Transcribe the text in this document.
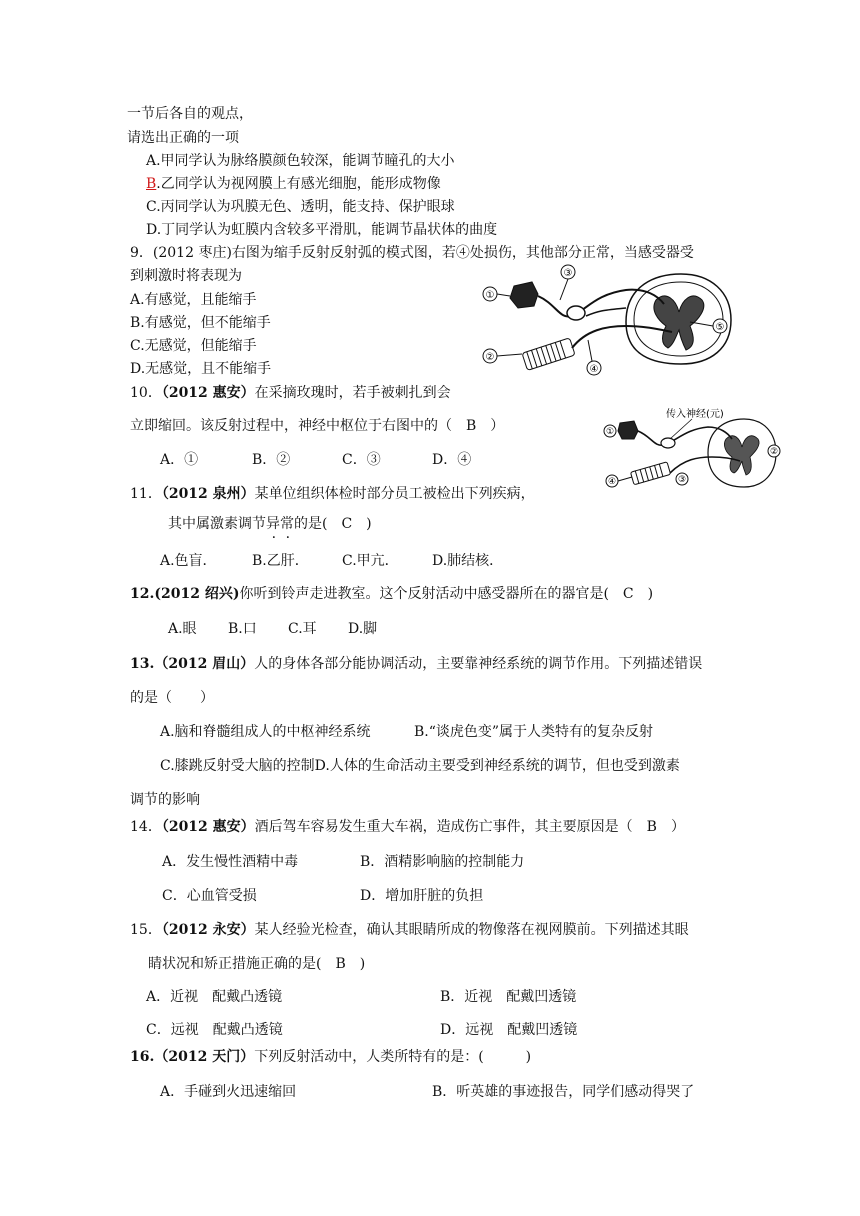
一节后各自的观点，
请选出正确的一项
A.甲同学认为脉络膜颜色较深，能调节瞳孔的大小
B.乙同学认为视网膜上有感光细胞，能形成物像
C.丙同学认为巩膜无色、透明，能支持、保护眼球
D.丁同学认为虹膜内含较多平滑肌，能调节晶状体的曲度
9．(2012 枣庄)右图为缩手反射反射弧的模式图，若④处损伤，其他部分正常，当感受器受
到刺激时将表现为
A.有感觉，且能缩手
B.有感觉，但不能缩手
C.无感觉，但能缩手
D.无感觉，且不能缩手
①
②
③
④
⑤
10．（2012 惠安）在采摘玫瑰时，若手被刺扎到会
立即缩回。该反射过程中，神经中枢位于右图中的（　B　）
A．①	B．②	C．③	D．④
传入神经(元)
①
②
③
④
11．（2012 泉州）某单位组织体检时部分员工被检出下列疾病，
其中属激素调节异常的是(　C　)
A.色盲．	B.乙肝． C.甲亢． D.肺结核．
12.(2012 绍兴)你听到铃声走进教室。这个反射活动中感受器所在的器官是(　C　)
A.眼 B.口 C.耳 D.脚
13.（2012 眉山）人的身体各部分能协调活动，主要靠神经系统的调节作用。下列描述错误
的是（　　）
A.脑和脊髓组成人的中枢神经系统	B.“谈虎色变”属于人类特有的复杂反射
C.膝跳反射受大脑的控制D.人体的生命活动主要受到神经系统的调节，但也受到激素
调节的影响
14．（2012 惠安）酒后驾车容易发生重大车祸，造成伤亡事件，其主要原因是（　B　）
A．发生慢性酒精中毒	B．酒精影响脑的控制能力
C．心血管受损	D．增加肝脏的负担
15．（2012 永安）某人经验光检查，确认其眼睛所成的物像落在视网膜前。下列描述其眼
睛状况和矫正措施正确的是(　B　)
A．近视　配戴凸透镜	B．近视　配戴凹透镜
C．远视　配戴凸透镜	D．远视　配戴凹透镜
16.（2012 天门）下列反射活动中，人类所特有的是：(　　　)
A．手碰到火迅速缩回	B．听英雄的事迹报告，同学们感动得哭了
